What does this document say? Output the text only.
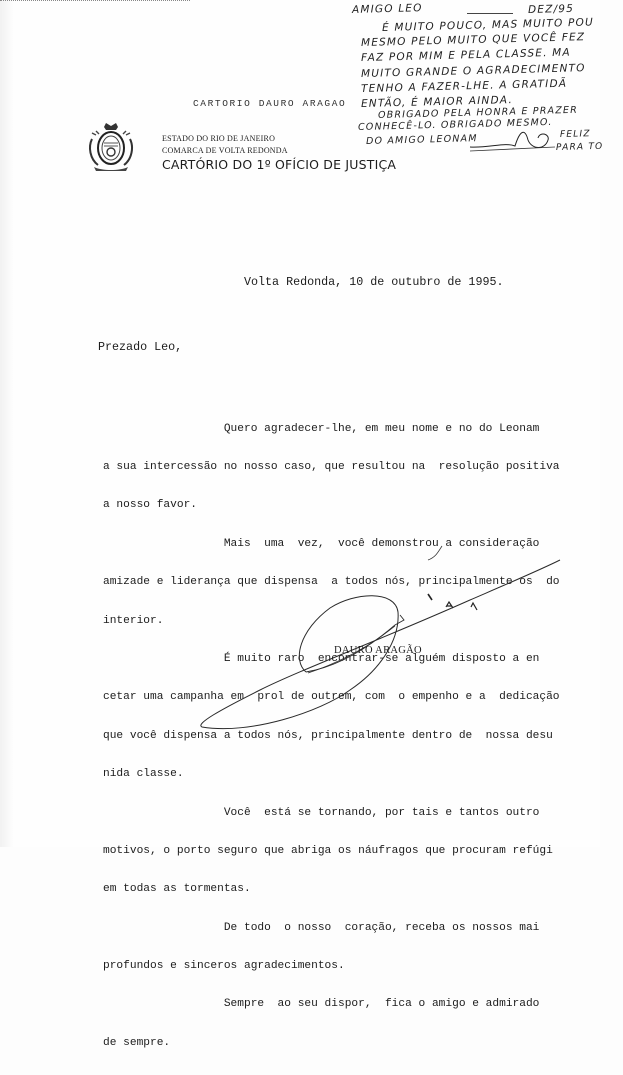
AMIGO LEO	DEZ/95
É MUITO POUCO, MAS MUITO POU
MESMO PELO MUITO QUE VOCÊ FEZ
FAZ POR MIM E PELA CLASSE. MA
MUITO GRANDE O AGRADECIMENTO
TENHO A FAZER-LHE. A GRATIDÃ
ENTÃO, É MAIOR AINDA.
OBRIGADO PELA HONRA E PRAZER
CONHECÊ-LO. OBRIGADO MESMO.
DO AMIGO LEONAM	FELIZ
PARA TO
CARTORIO DAURO ARAGAO
ESTADO DO RIO DE JANEIRO
COMARCA DE VOLTA REDONDA
CARTÓRIO DO 1º OFÍCIO DE JUSTIÇA
Volta Redonda, 10 de outubro de 1995.
Prezado Leo,

Quero agradecer-lhe, em meu nome e no do Leonam

a sua intercessão no nosso caso, que resultou na  resolução positiva

a nosso favor.

Mais  uma  vez,  você demonstrou a consideração

amizade e liderança que dispensa  a todos nós, principalmente os  do

interior.

É muito raro  encontrar-se alguém disposto a en

cetar uma campanha em  prol de outrem, com  o empenho e a  dedicação

que você dispensa a todos nós, principalmente dentro de  nossa desu

nida classe.

Você  está se tornando, por tais e tantos outro

motivos, o porto seguro que abriga os náufragos que procuram refúgi

em todas as tormentas.

De todo  o nosso  coração, receba os nossos mai

profundos e sinceros agradecimentos.

Sempre  ao seu dispor,  fica o amigo e admirado

de sempre.

DAURO ARAGÃO
